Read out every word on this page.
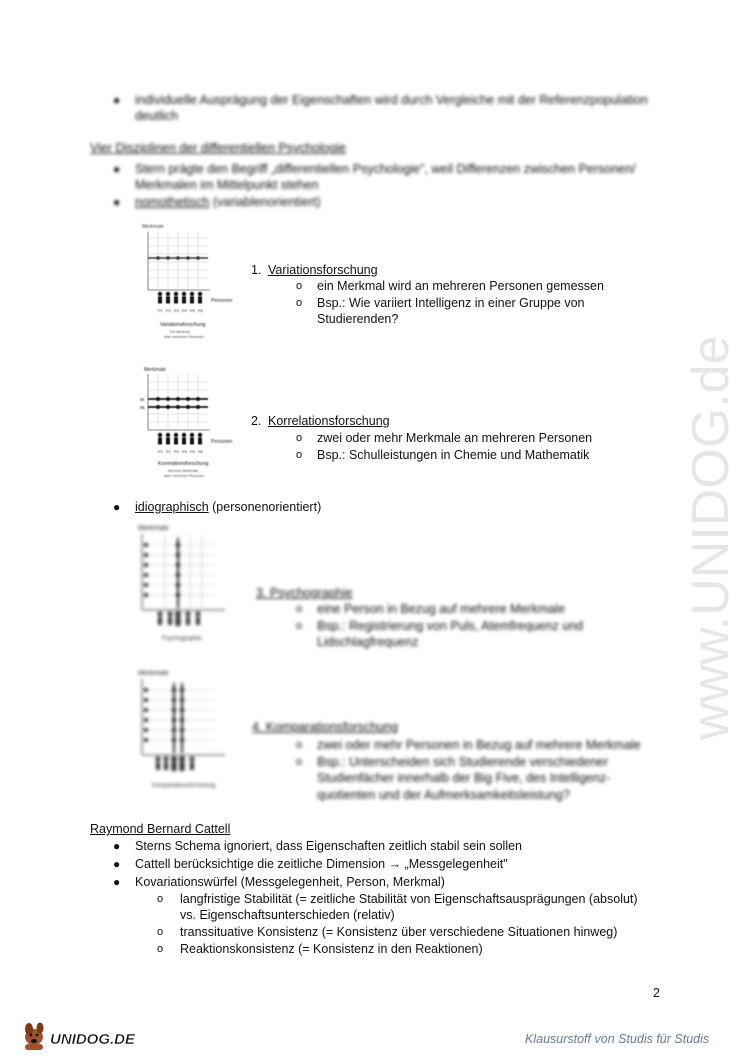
www.UNIDOG.de
● individuelle Ausprägung der Eigenschaften wird durch Vergleiche mit der Referenzpopulation
deutlich
Vier Disziplinen der differentiellen Psychologie
● Stern prägte den Begriff „differentiellen Psychologie", weil Differenzen zwischen Personen/
Merkmalen im Mittelpunkt stehen
● nomothetisch (variablenorientiert)
Merkmale
Personen
P1 P2 P3 P4 P5 P6
Variationsforschung
Ein Merkmal
über mehreren Personen
1. Variationsforschung
o ein Merkmal wird an mehreren Personen gemessen
o Bsp.: Wie variiert Intelligenz in einer Gruppe von
Studierenden?
Merkmale
Mᵢ
Mⱼ
Personen
P1 P2 P3 P4 P5 P6
Korrelationsforschung
Mehrere Merkmale
über mehreren Personen
2. Korrelationsforschung
o zwei oder mehr Merkmale an mehreren Personen
o Bsp.: Schulleistungen in Chemie und Mathematik
● idiographisch (personenorientiert)
Merkmale
Psychographie
3. Psychographie
o eine Person in Bezug auf mehrere Merkmale
o Bsp.: Registrierung von Puls, Atemfrequenz und
Lidschlagfrequenz
Merkmale
Komparationsforschung
4. Komparationsforschung
o zwei oder mehr Personen in Bezug auf mehrere Merkmale
o Bsp.: Unterscheiden sich Studierende verschiedener
Studienfächer innerhalb der Big Five, des Intelligenz-
quotienten und der Aufmerksamkeitsleistung?
Raymond Bernard Cattell
● Sterns Schema ignoriert, dass Eigenschaften zeitlich stabil sein sollen
● Cattell berücksichtige die zeitliche Dimension → „Messgelegenheit"
● Kovariationswürfel (Messgelegenheit, Person, Merkmal)
o langfristige Stabilität (= zeitliche Stabilität von Eigenschaftsausprägungen (absolut)
vs. Eigenschaftsunterschieden (relativ)
o transsituative Konsistenz (= Konsistenz über verschiedene Situationen hinweg)
o Reaktionskonsistenz (= Konsistenz in den Reaktionen)
2
UNIDOG.DE	Klausurstoff von Studis für Studis
